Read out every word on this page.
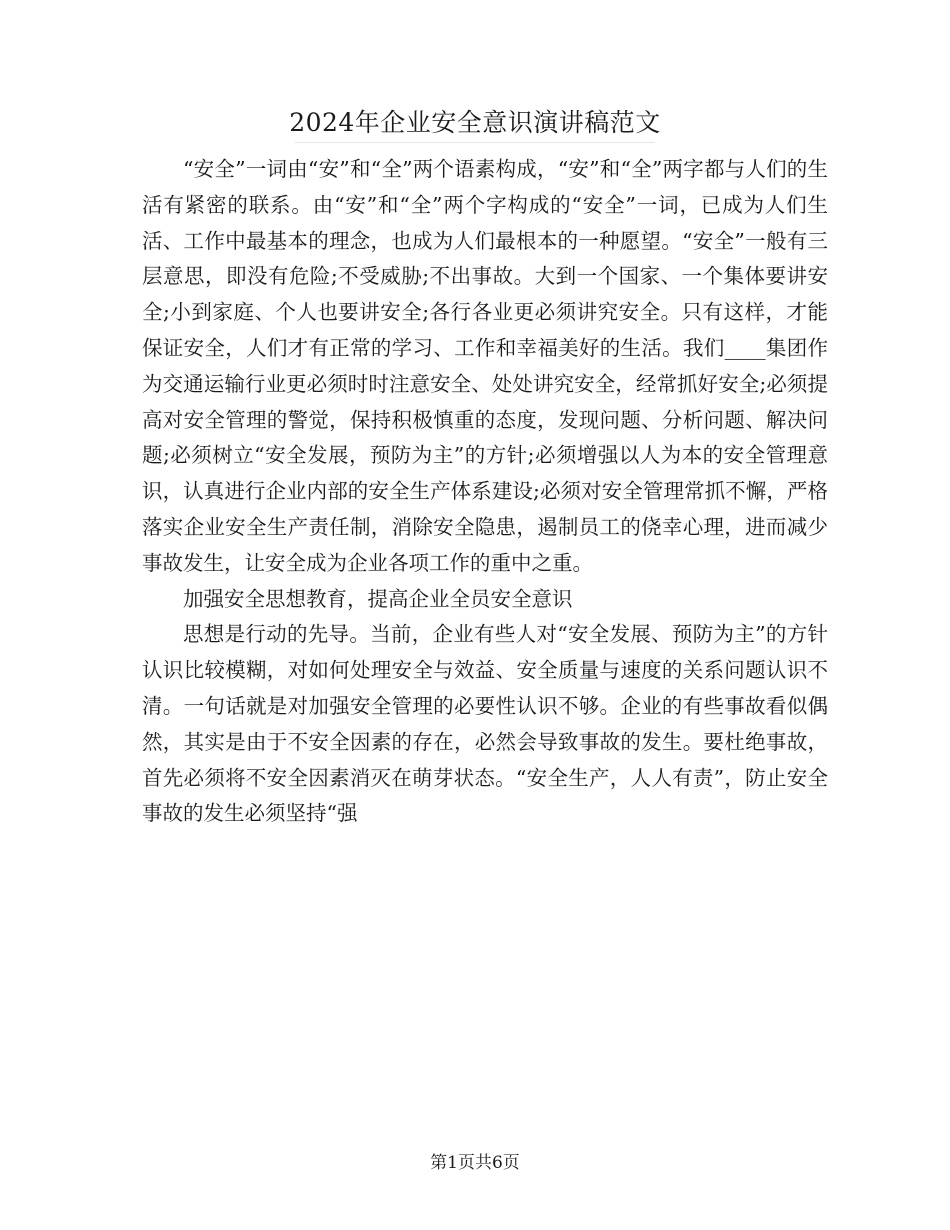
2024年企业安全意识演讲稿范文

“安全”一词由“安”和“全”两个语素构成，“安”和“全”两字都与人们的生活有紧密的联系。由“安”和“全”两个字构成的“安全”一词，已成为人们生活、工作中最基本的理念，也成为人们最根本的一种愿望。“安全”一般有三层意思，即没有危险;不受威胁;不出事故。大到一个国家、一个集体要讲安全;小到家庭、个人也要讲安全;各行各业更必须讲究安全。只有这样，才能保证安全，人们才有正常的学习、工作和幸福美好的生活。我们____集团作为交通运输行业更必须时时注意安全、处处讲究安全，经常抓好安全;必须提高对安全管理的警觉，保持积极慎重的态度，发现问题、分析问题、解决问题;必须树立“安全发展，预防为主”的方针;必须增强以人为本的安全管理意识，认真进行企业内部的安全生产体系建设;必须对安全管理常抓不懈，严格落实企业安全生产责任制，消除安全隐患，遏制员工的侥幸心理，进而减少事故发生，让安全成为企业各项工作的重中之重。

加强安全思想教育，提高企业全员安全意识

思想是行动的先导。当前，企业有些人对“安全发展、预防为主”的方针认识比较模糊，对如何处理安全与效益、安全质量与速度的关系问题认识不清。一句话就是对加强安全管理的必要性认识不够。企业的有些事故看似偶然，其实是由于不安全因素的存在，必然会导致事故的发生。要杜绝事故，首先必须将不安全因素消灭在萌芽状态。“安全生产，人人有责”，防止安全事故的发生必须坚持“强

第1页共6页
